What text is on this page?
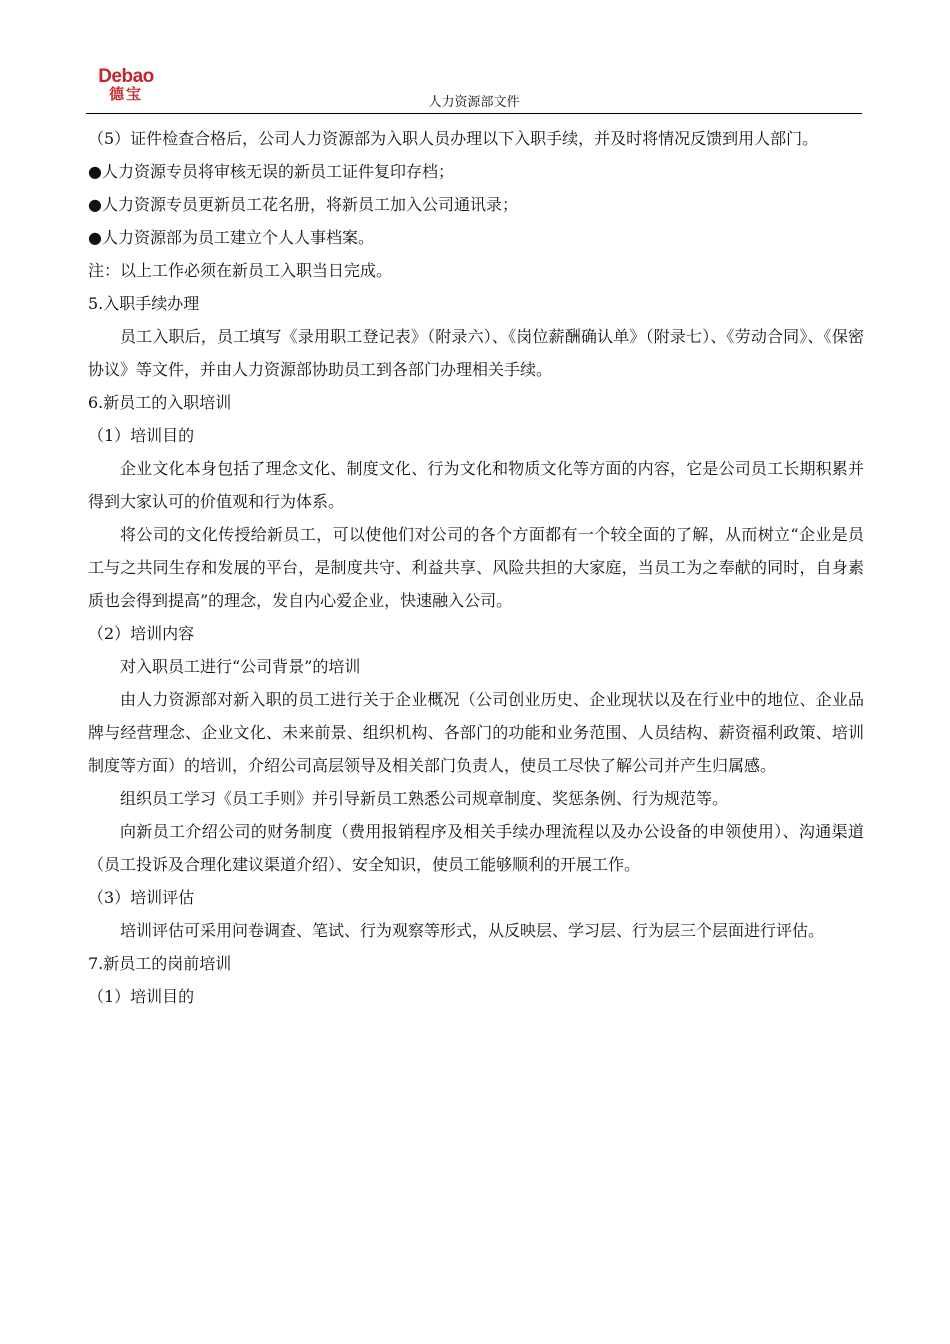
Debao
德宝	人力资源部文件

（5）证件检查合格后，公司人力资源部为入职人员办理以下入职手续，并及时将情况反馈到用人部门。

●人力资源专员将审核无误的新员工证件复印存档；

●人力资源专员更新员工花名册，将新员工加入公司通讯录；

●人力资源部为员工建立个人人事档案。

注：以上工作必须在新员工入职当日完成。

5.入职手续办理

员工入职后，员工填写《录用职工登记表》（附录六）、《岗位薪酬确认单》（附录七）、《劳动合同》、《保密协议》等文件，并由人力资源部协助员工到各部门办理相关手续。

6.新员工的入职培训

（1）培训目的

企业文化本身包括了理念文化、制度文化、行为文化和物质文化等方面的内容，它是公司员工长期积累并得到大家认可的价值观和行为体系。

将公司的文化传授给新员工，可以使他们对公司的各个方面都有一个较全面的了解，从而树立“企业是员工与之共同生存和发展的平台，是制度共守、利益共享、风险共担的大家庭，当员工为之奉献的同时，自身素质也会得到提高”的理念，发自内心爱企业，快速融入公司。

（2）培训内容

对入职员工进行“公司背景”的培训

由人力资源部对新入职的员工进行关于企业概况（公司创业历史、企业现状以及在行业中的地位、企业品牌与经营理念、企业文化、未来前景、组织机构、各部门的功能和业务范围、人员结构、薪资福利政策、培训制度等方面）的培训，介绍公司高层领导及相关部门负责人，使员工尽快了解公司并产生归属感。

组织员工学习《员工手则》并引导新员工熟悉公司规章制度、奖惩条例、行为规范等。

向新员工介绍公司的财务制度（费用报销程序及相关手续办理流程以及办公设备的申领使用）、沟通渠道（员工投诉及合理化建议渠道介绍）、安全知识，使员工能够顺利的开展工作。

（3）培训评估

培训评估可采用问卷调查、笔试、行为观察等形式，从反映层、学习层、行为层三个层面进行评估。

7.新员工的岗前培训

（1）培训目的
